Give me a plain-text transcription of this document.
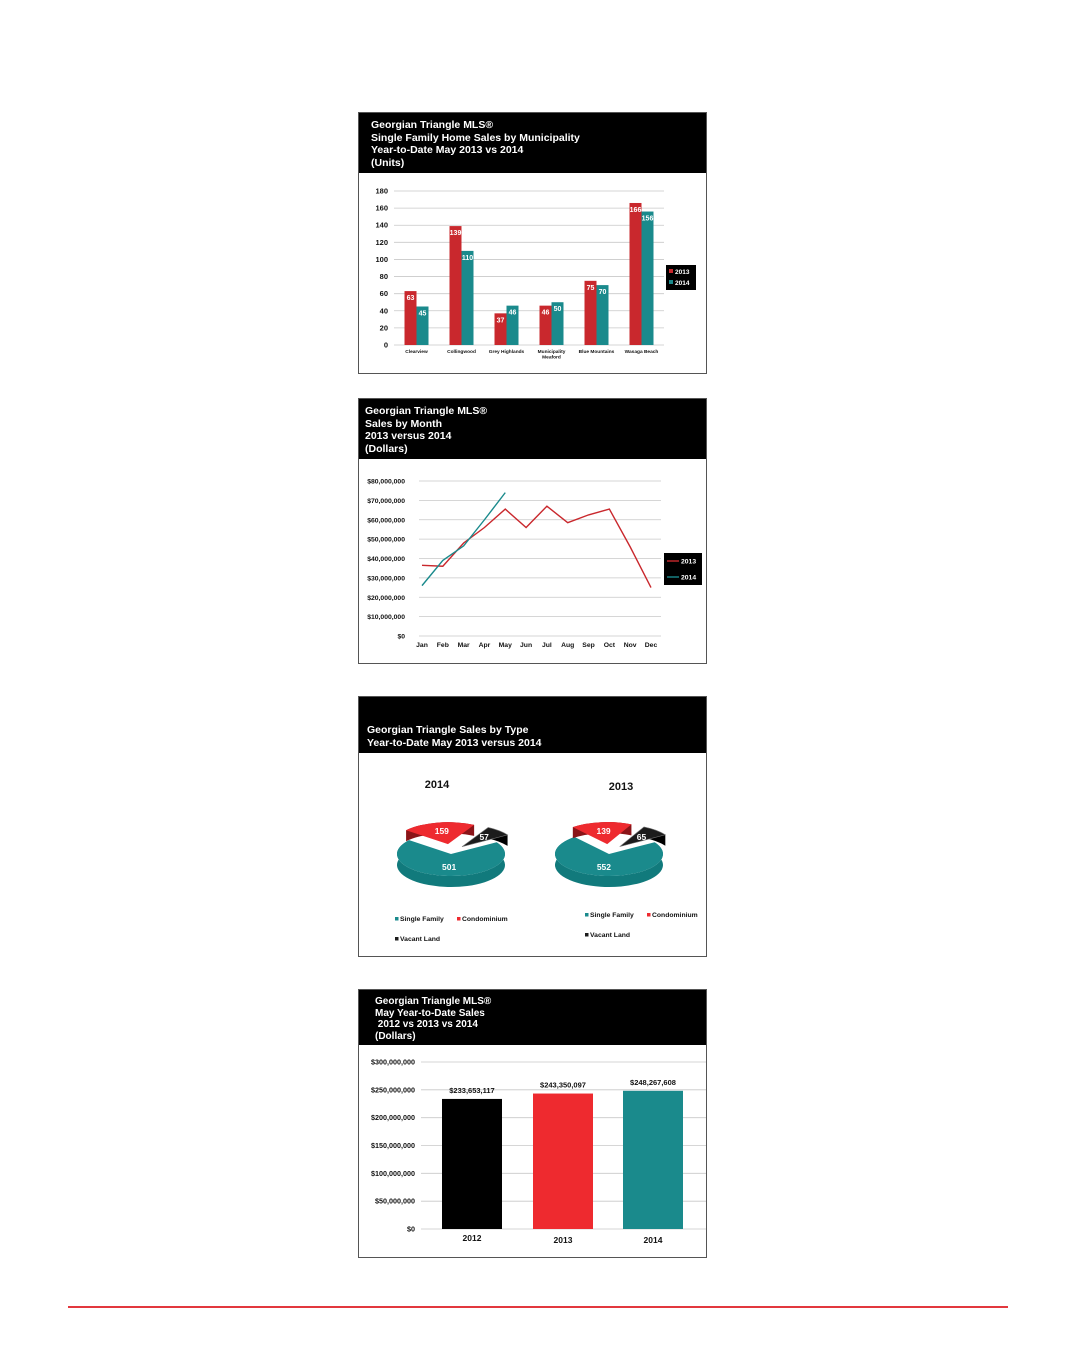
Georgian Triangle MLS®
Single Family Home Sales by Municipality
Year-to-Date May 2013 vs 2014
(Units)
0
20
40
60
80
100
120
140
160
180
63
45
Clearview
139
110
Collingwood
37
46
Grey Highlands
46 50
Municipality
Meaford
75
70
Blue Mountains
166
156
Wasaga Beach
2013
2014
Georgian Triangle MLS®
Sales by Month
2013 versus 2014
(Dollars)
$0
$10,000,000
$20,000,000
$30,000,000
$40,000,000
$50,000,000
$60,000,000
$70,000,000
$80,000,000
Jan Feb Mar Apr May Jun Jul Aug Sep Oct Nov Dec
2013
2014
Georgian Triangle Sales by Type
Year-to-Date May 2013 versus 2014
2014
501
159
57
Single Family	Condominium
Vacant Land
2013
552
139
65
Single Family	Condominium
Vacant Land
Georgian Triangle MLS®
May Year-to-Date Sales
2012 vs 2013 vs 2014
(Dollars)
$0
$50,000,000
$100,000,000
$150,000,000
$200,000,000
$250,000,000
$300,000,000
$233,653,117
2012
$243,350,097
2013
$248,267,608
2014
